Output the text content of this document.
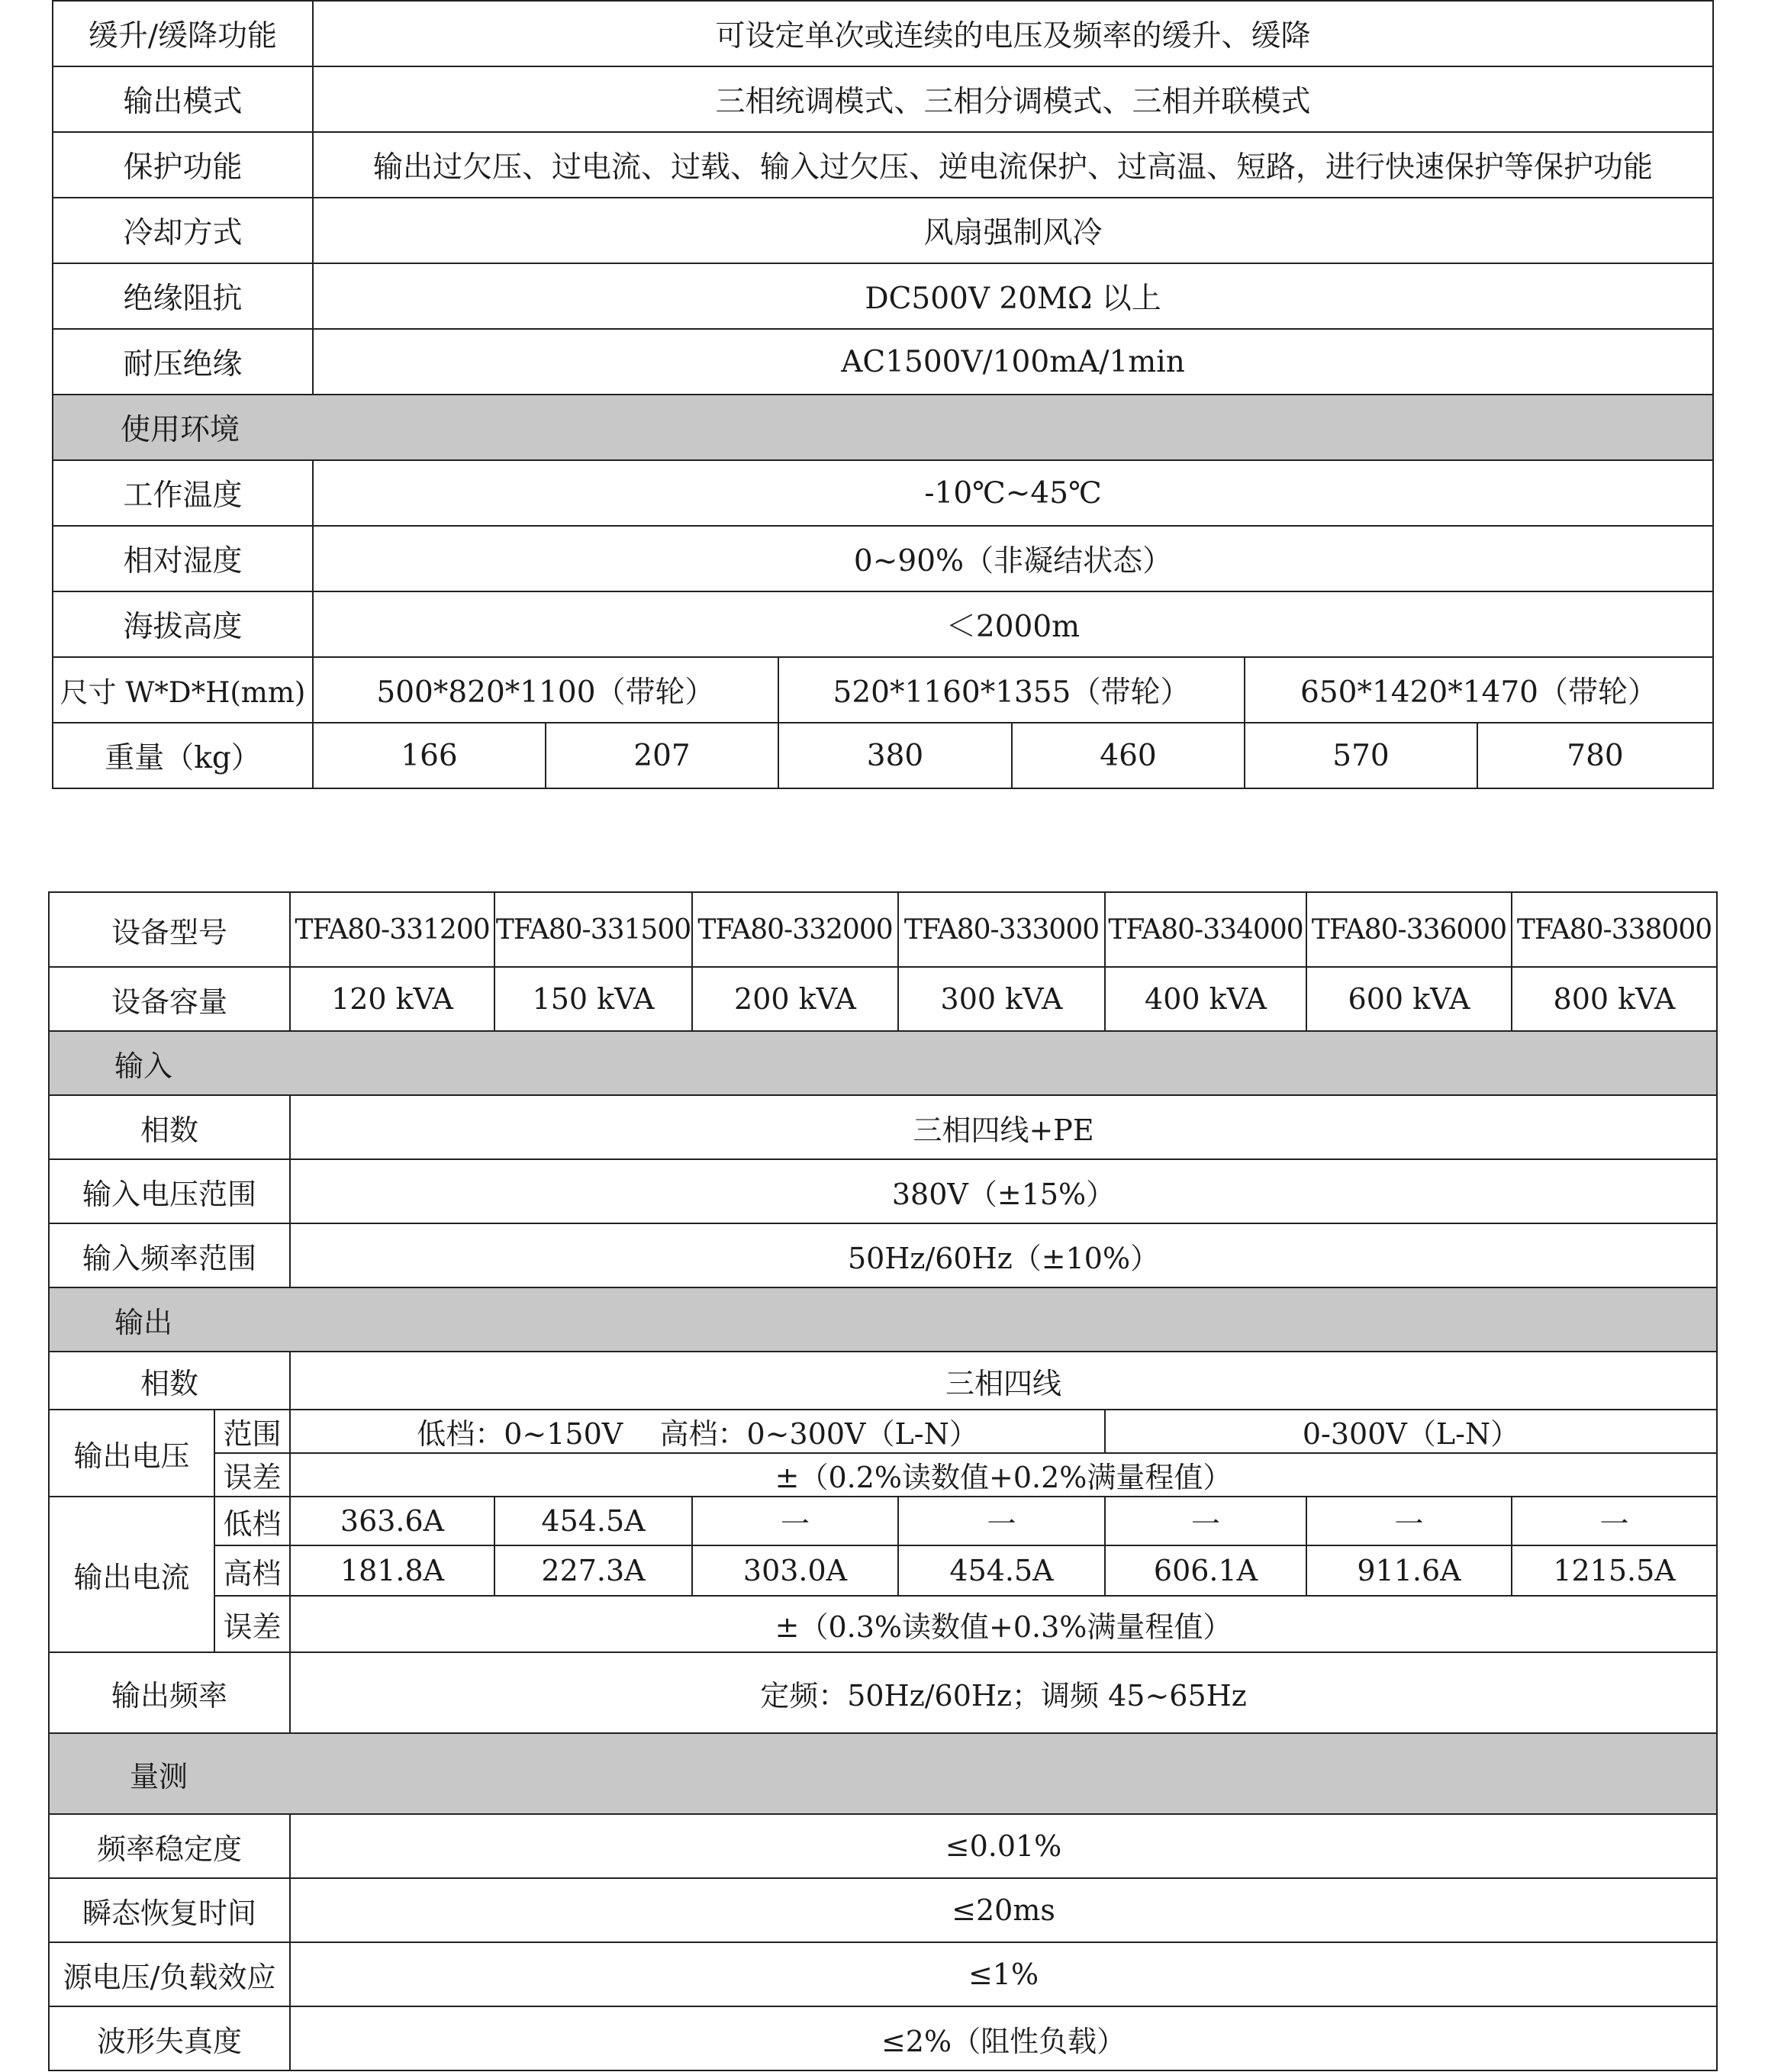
缓升/缓降功能	可设定单次或连续的电压及频率的缓升、缓降					
输出模式	三相统调模式、三相分调模式、三相并联模式					
保护功能	输出过欠压、过电流、过载、输入过欠压、逆电流保护、过高温、短路，进行快速保护等保护功能					
冷却方式	风扇强制风冷					
绝缘阻抗	DC500V 20MΩ 以上					
耐压绝缘	AC1500V/100mA/1min					
使用环境						
工作温度	-10℃~45℃					
相对湿度	0~90%（非凝结状态）					
海拔高度	＜2000m					
尺寸 W*D*H(mm)	500*820*1100（带轮）		520*1160*1355（带轮）		650*1420*1470（带轮）	
重量（kg）	166	207	380	460	570	780
设备型号		TFA80-331200	TFA80-331500	TFA80-332000	TFA80-333000	TFA80-334000	TFA80-336000	TFA80-338000
设备容量		120 kVA	150 kVA	200 kVA	300 kVA	400 kVA	600 kVA	800 kVA
输入								
相数		三相四线+PE						
输入电压范围		380V（±15%）						
输入频率范围		50Hz/60Hz（±10%）						
输出								
相数		三相四线						
输出电压	范围	低档：0~150V    高档：0~300V（L-N）				0-300V（L-N）		
	误差	±（0.2%读数值+0.2%满量程值）						
输出电流	低档	363.6A	454.5A	一	一	一	一	一
	高档	181.8A	227.3A	303.0A	454.5A	606.1A	911.6A	1215.5A
	误差	±（0.3%读数值+0.3%满量程值）						
输出频率		定频：50Hz/60Hz；调频 45~65Hz						
量测								
频率稳定度		≤0.01%						
瞬态恢复时间		≤20ms						
源电压/负载效应		≤1%						
波形失真度		≤2%（阻性负载）						
